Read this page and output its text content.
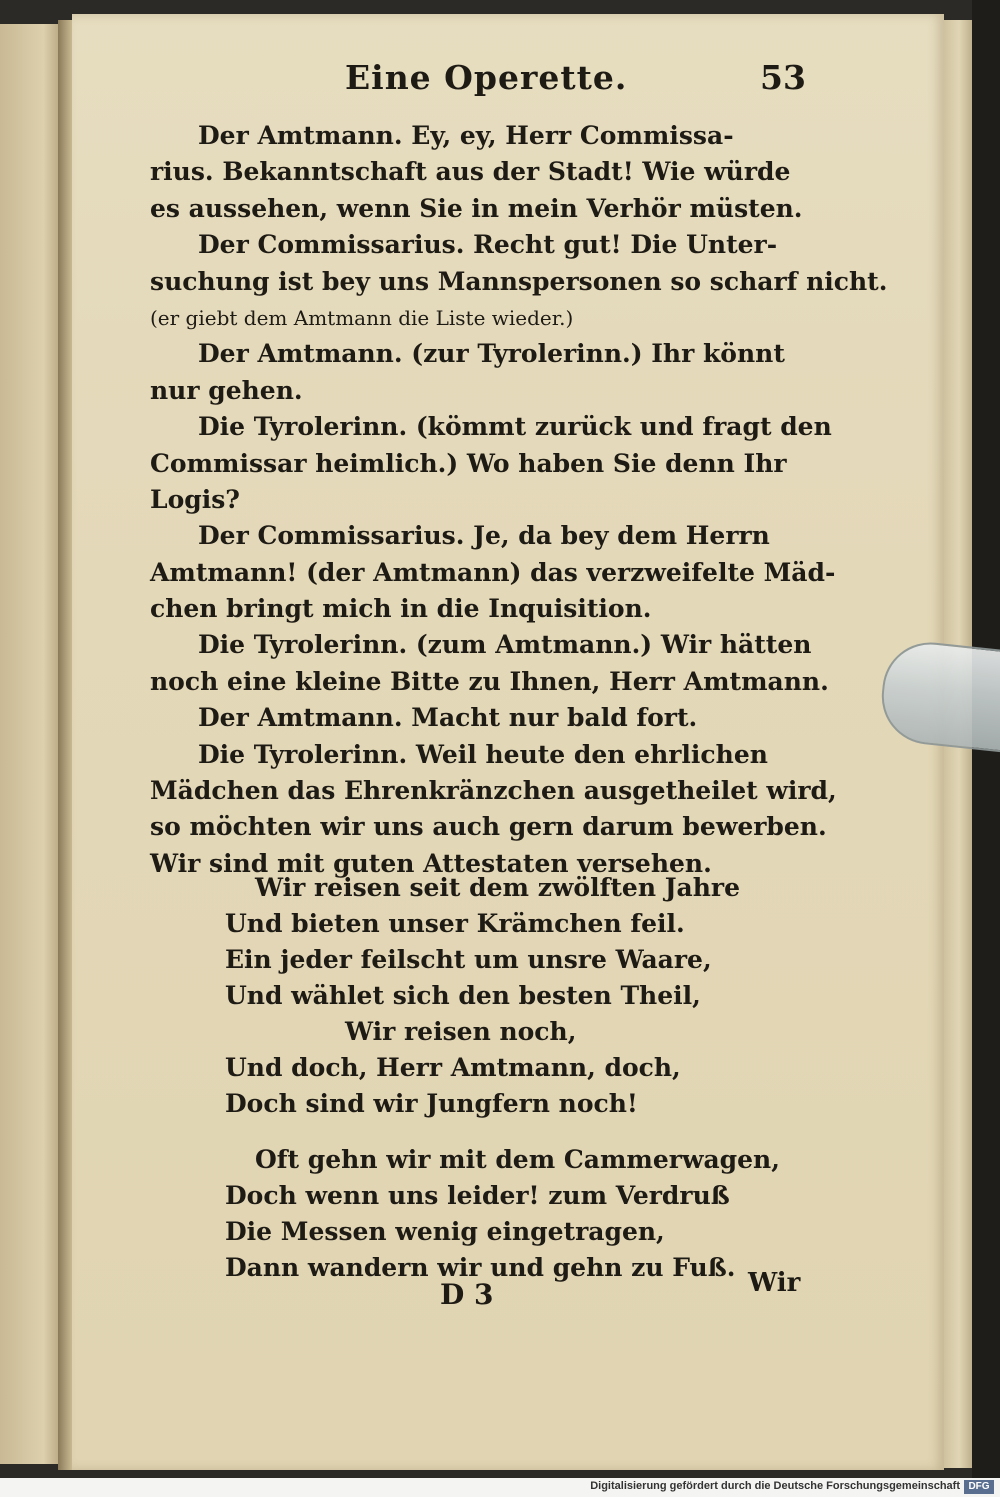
Eine Operette.	53
Der Amtmann. Ey, ey, Herr Commissa-
rius. Bekanntschaft aus der Stadt! Wie würde
es aussehen, wenn Sie in mein Verhör müsten.
Der Commissarius. Recht gut! Die Unter-
suchung ist bey uns Mannspersonen so scharf nicht.
(er giebt dem Amtmann die Liste wieder.)
Der Amtmann. (zur Tyrolerinn.) Ihr könnt
nur gehen.
Die Tyrolerinn. (kömmt zurück und fragt den
Commissar heimlich.) Wo haben Sie denn Ihr
Logis?
Der Commissarius. Je, da bey dem Herrn
Amtmann! (der Amtmann) das verzweifelte Mäd-
chen bringt mich in die Inquisition.
Die Tyrolerinn. (zum Amtmann.) Wir hätten
noch eine kleine Bitte zu Ihnen, Herr Amtmann.
Der Amtmann. Macht nur bald fort.
Die Tyrolerinn. Weil heute den ehrlichen
Mädchen das Ehrenkränzchen ausgetheilet wird,
so möchten wir uns auch gern darum bewerben.
Wir sind mit guten Attestaten versehen.
Wir reisen seit dem zwölften Jahre
Und bieten unser Krämchen feil.
Ein jeder feilscht um unsre Waare,
Und wählet sich den besten Theil,
Wir reisen noch,
Und doch, Herr Amtmann, doch,
Doch sind wir Jungfern noch!
Oft gehn wir mit dem Cammerwagen,
Doch wenn uns leider! zum Verdruß
Die Messen wenig eingetragen,
Dann wandern wir und gehn zu Fuß.
D 3	Wir
Digitalisierung gefördert durch die Deutsche Forschungsgemeinschaft DFG
